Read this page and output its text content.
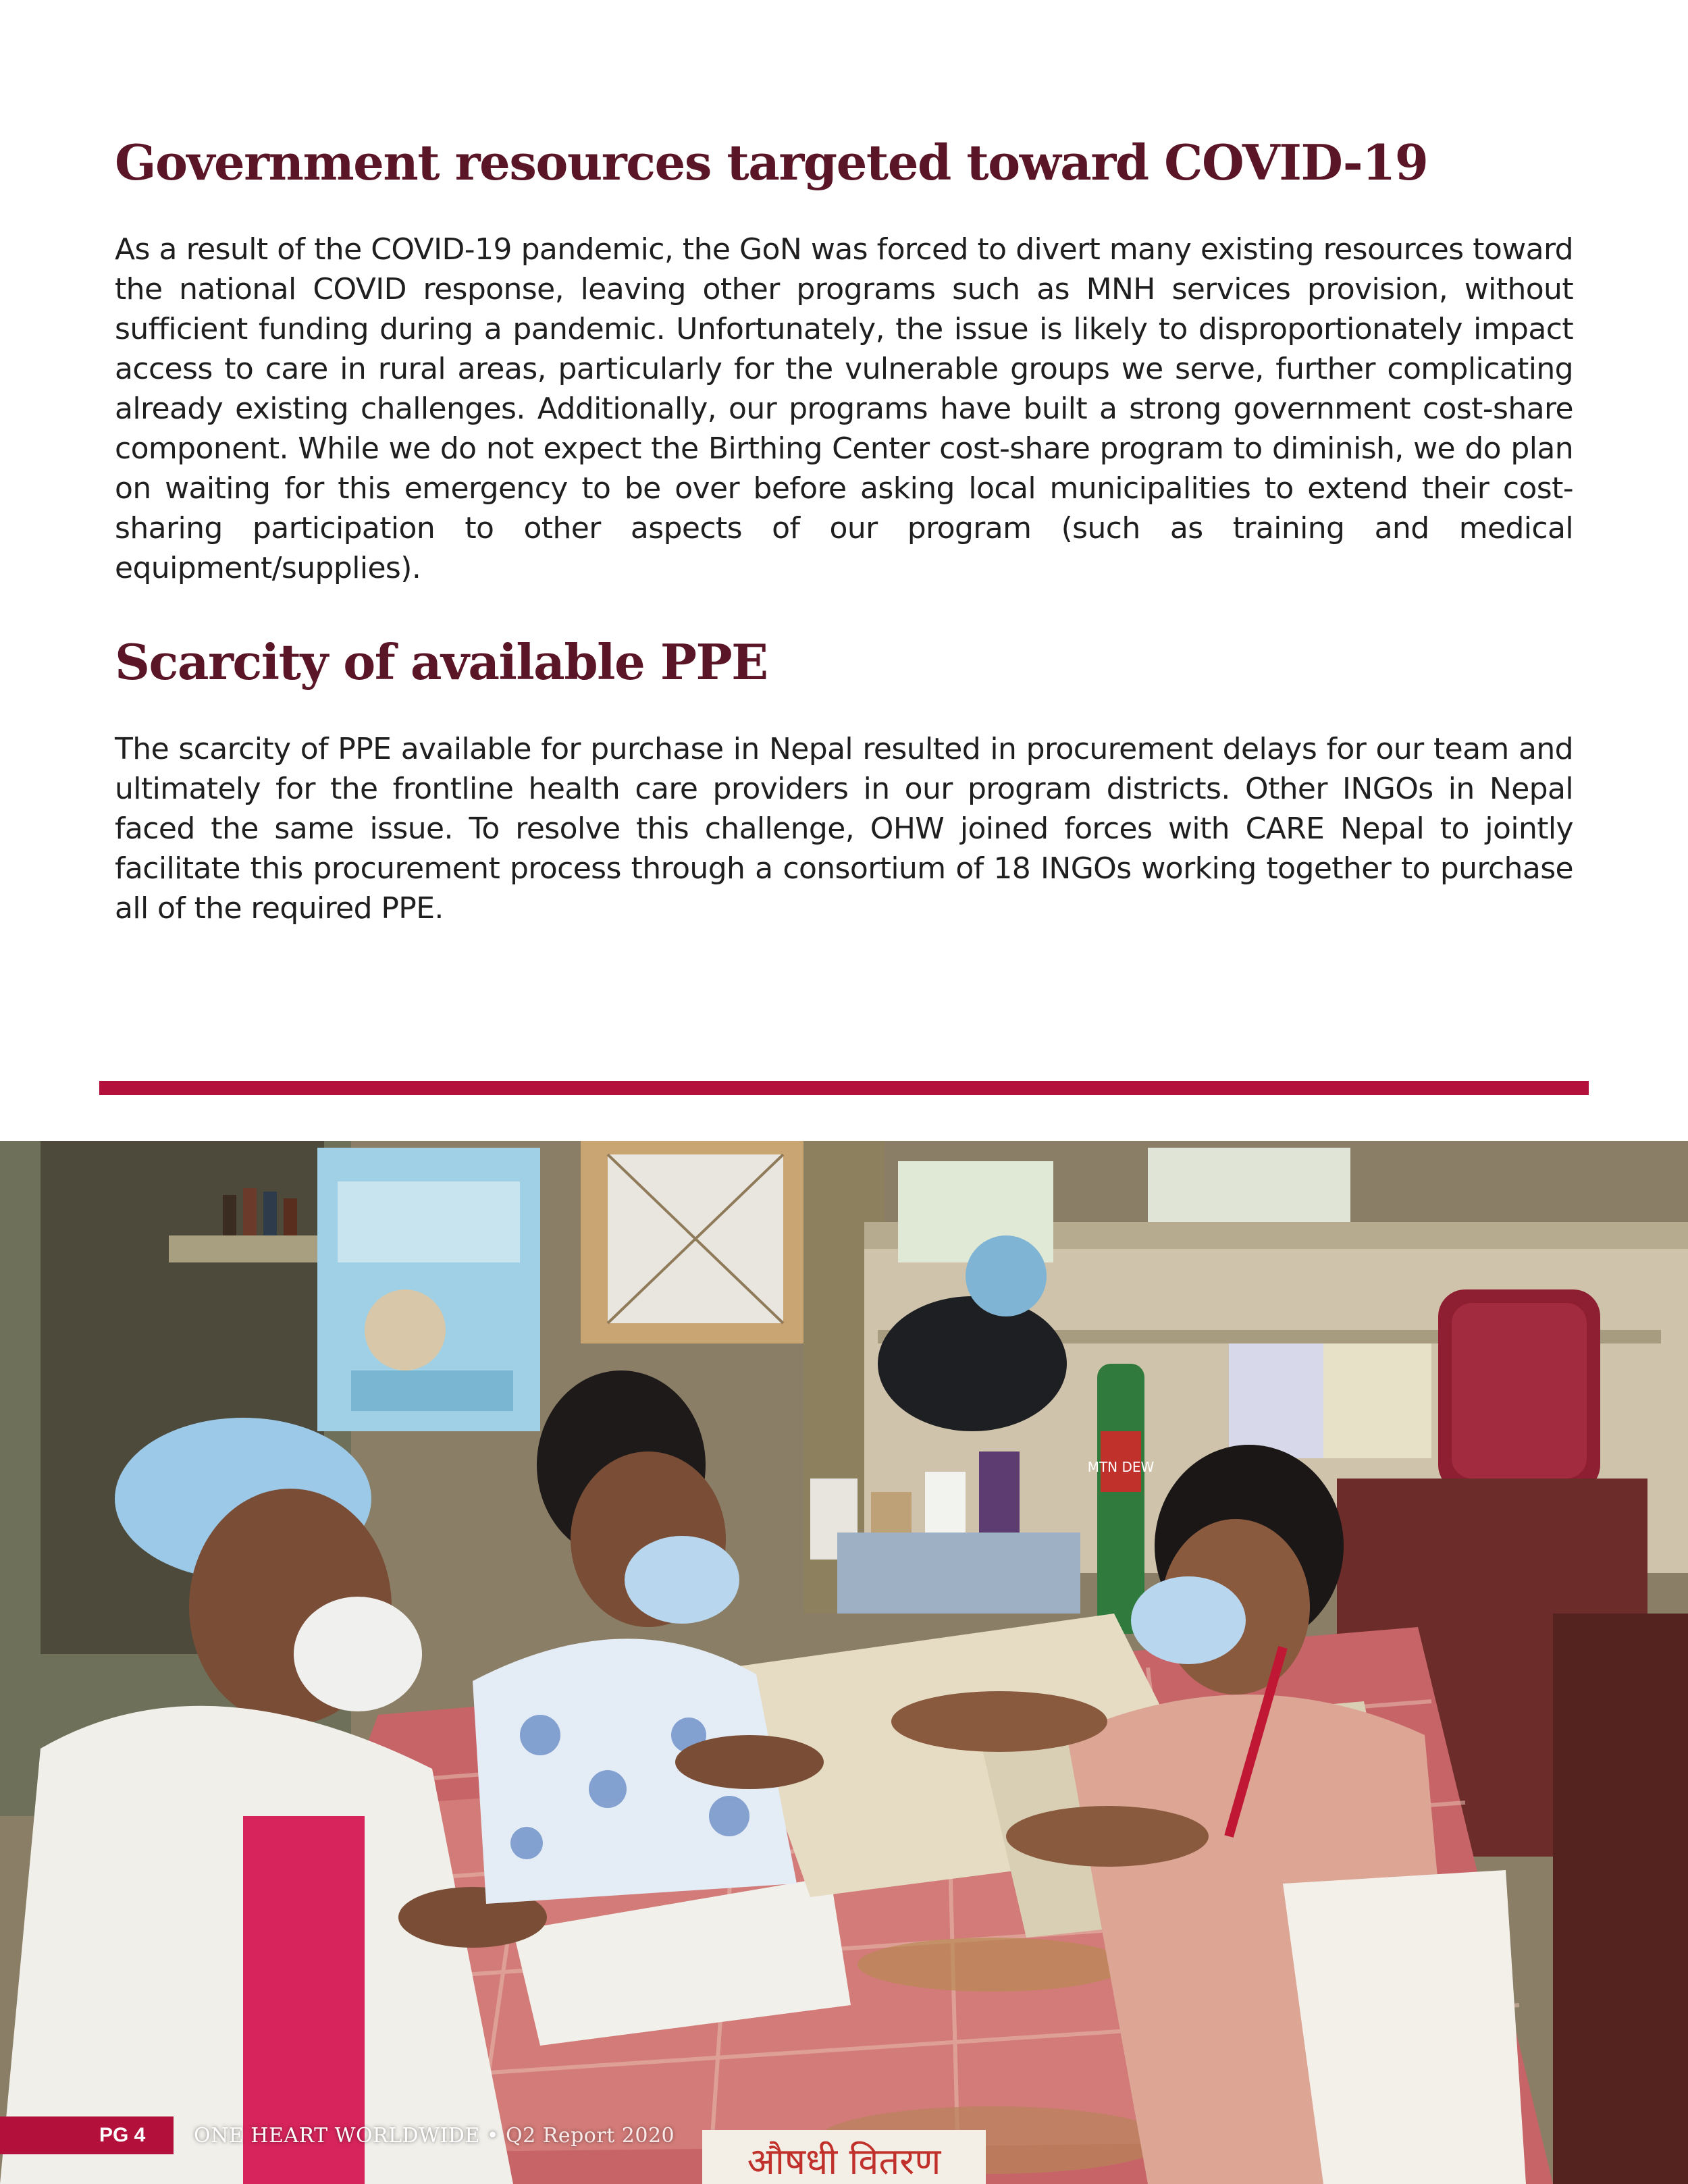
Government resources targeted toward COVID-19

As a result of the COVID-19 pandemic, the GoN was forced to divert many existing resources toward the national COVID response, leaving other programs such as MNH services provision, without sufficient funding during a pandemic. Unfortunately, the issue is likely to disproportionately impact access to care in rural areas, particularly for the vulnerable groups we serve, further complicating already existing challenges. Additionally, our programs have built a strong government cost-share component. While we do not expect the Birthing Center cost-share program to diminish, we do plan on waiting for this emergency to be over before asking local municipalities to extend their cost-sharing participation to other aspects of our program (such as training and medical equipment/supplies).

Scarcity of available PPE

The scarcity of PPE available for purchase in Nepal resulted in procurement delays for our team and ultimately for the frontline health care providers in our program districts. Other INGOs in Nepal faced the same issue. To resolve this challenge, OHW joined forces with CARE Nepal to jointly facilitate this procurement process through a consortium of 18 INGOs working together to purchase all of the required PPE.

MTN DEW
औषधी वितरण
PG 4	ONE HEART WORLDWIDE • Q2 Report 2020
